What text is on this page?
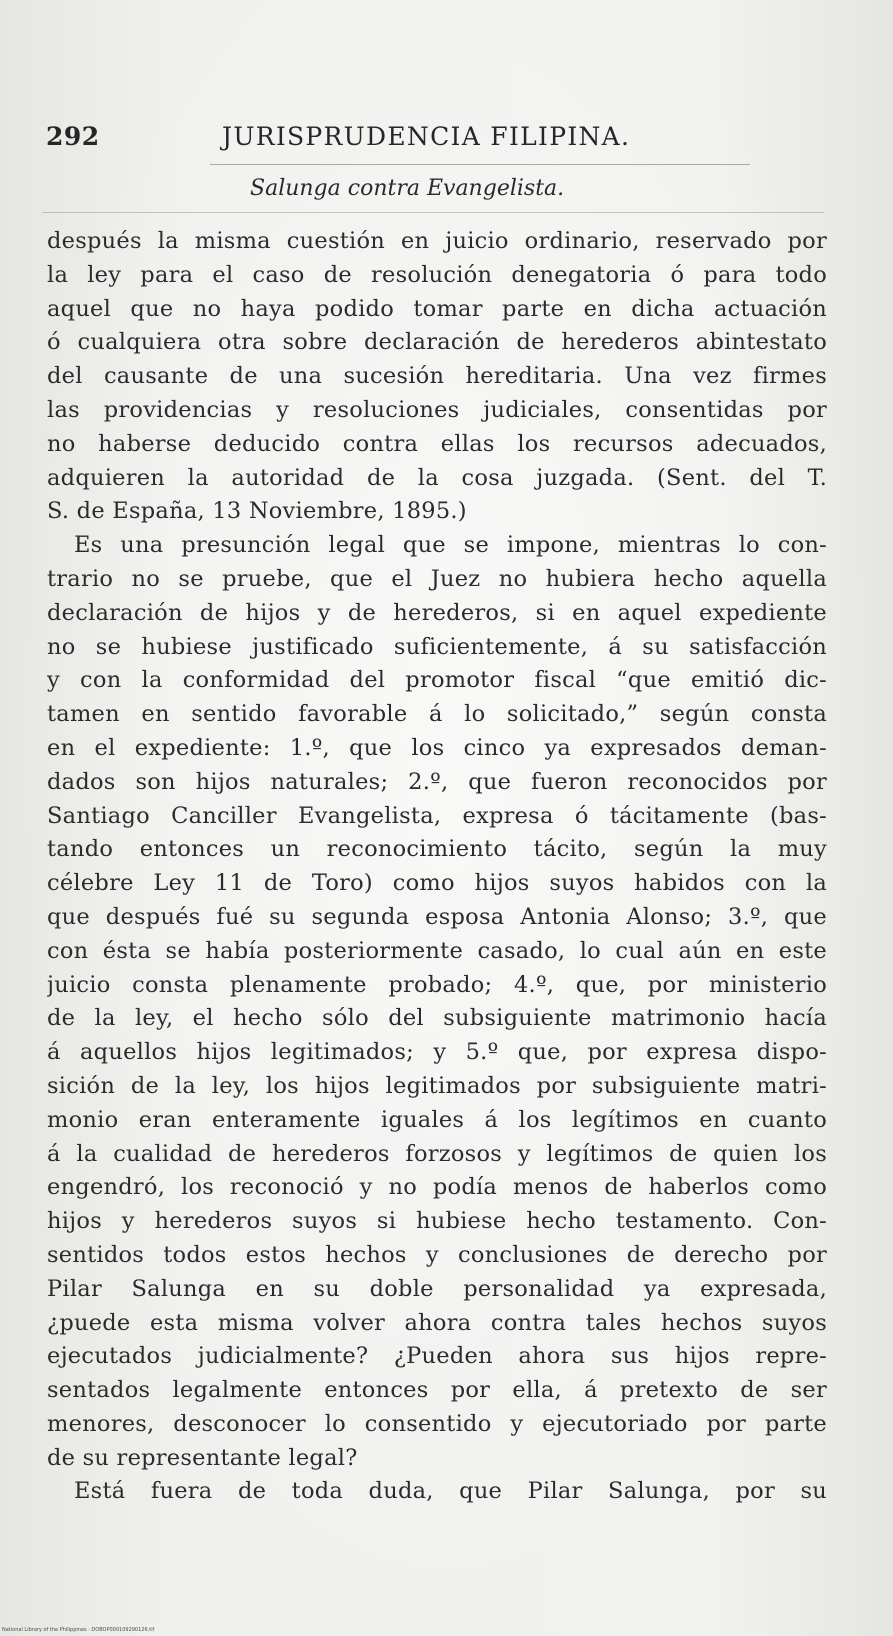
292	JURISPRUDENCIA FILIPINA.
Salunga contra Evangelista.
después la misma cuestión en juicio ordinario, reservado por
la ley para el caso de resolución denegatoria ó para todo
aquel que no haya podido tomar parte en dicha actuación
ó cualquiera otra sobre declaración de herederos abintestato
del causante de una sucesión hereditaria. Una vez firmes
las providencias y resoluciones judiciales, consentidas por
no haberse deducido contra ellas los recursos adecuados,
adquieren la autoridad de la cosa juzgada. (Sent. del T.
S. de España, 13 Noviembre, 1895.)
Es una presunción legal que se impone, mientras lo con-
trario no se pruebe, que el Juez no hubiera hecho aquella
declaración de hijos y de herederos, si en aquel expediente
no se hubiese justificado suficientemente, á su satisfacción
y con la conformidad del promotor fiscal “que emitió dic-
tamen en sentido favorable á lo solicitado,” según consta
en el expediente: 1.º, que los cinco ya expresados deman-
dados son hijos naturales; 2.º, que fueron reconocidos por
Santiago Canciller Evangelista, expresa ó tácitamente (bas-
tando entonces un reconocimiento tácito, según la muy
célebre Ley 11 de Toro) como hijos suyos habidos con la
que después fué su segunda esposa Antonia Alonso; 3.º, que
con ésta se había posteriormente casado, lo cual aún en este
juicio consta plenamente probado; 4.º, que, por ministerio
de la ley, el hecho sólo del subsiguiente matrimonio hacía
á aquellos hijos legitimados; y 5.º que, por expresa dispo-
sición de la ley, los hijos legitimados por subsiguiente matri-
monio eran enteramente iguales á los legítimos en cuanto
á la cualidad de herederos forzosos y legítimos de quien los
engendró, los reconoció y no podía menos de haberlos como
hijos y herederos suyos si hubiese hecho testamento. Con-
sentidos todos estos hechos y conclusiones de derecho por
Pilar Salunga en su doble personalidad ya expresada,
¿puede esta misma volver ahora contra tales hechos suyos
ejecutados judicialmente? ¿Pueden ahora sus hijos repre-
sentados legalmente entonces por ella, á pretexto de ser
menores, desconocer lo consentido y ejecutoriado por parte
de su representante legal?
Está fuera de toda duda, que Pilar Salunga, por su
National Library of the Philippines · DOBOP000109290126.tif
